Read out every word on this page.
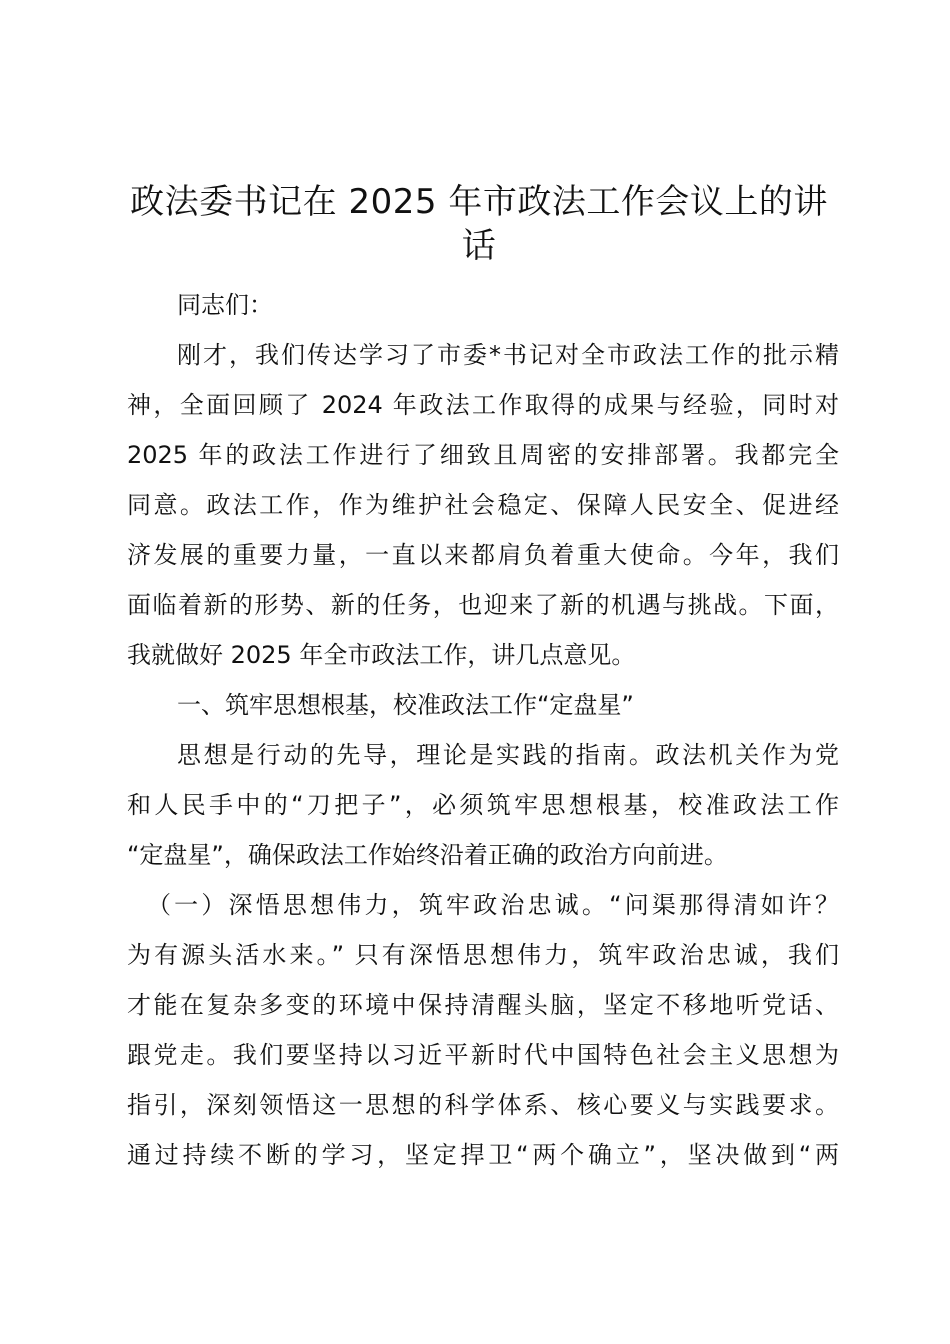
政法委书记在 2025 年市政法工作会议上的讲
话
同志们：
刚才，我们传达学习了市委*书记对全市政法工作的批示精
神，全面回顾了 2024 年政法工作取得的成果与经验，同时对
2025 年的政法工作进行了细致且周密的安排部署。我都完全
同意。政法工作，作为维护社会稳定、保障人民安全、促进经
济发展的重要力量，一直以来都肩负着重大使命。今年，我们
面临着新的形势、新的任务，也迎来了新的机遇与挑战。下面，
我就做好 2025 年全市政法工作，讲几点意见。
一、筑牢思想根基，校准政法工作“定盘星”
思想是行动的先导，理论是实践的指南。政法机关作为党
和人民手中的“刀把子”，必须筑牢思想根基，校准政法工作
“定盘星”，确保政法工作始终沿着正确的政治方向前进。
（一）深悟思想伟力，筑牢政治忠诚。“问渠那得清如许？
为有源头活水来。” 只有深悟思想伟力，筑牢政治忠诚，我们
才能在复杂多变的环境中保持清醒头脑，坚定不移地听党话、
跟党走。我们要坚持以习近平新时代中国特色社会主义思想为
指引，深刻领悟这一思想的科学体系、核心要义与实践要求。
通过持续不断的学习，坚定捍卫“两个确立”，坚决做到“两
